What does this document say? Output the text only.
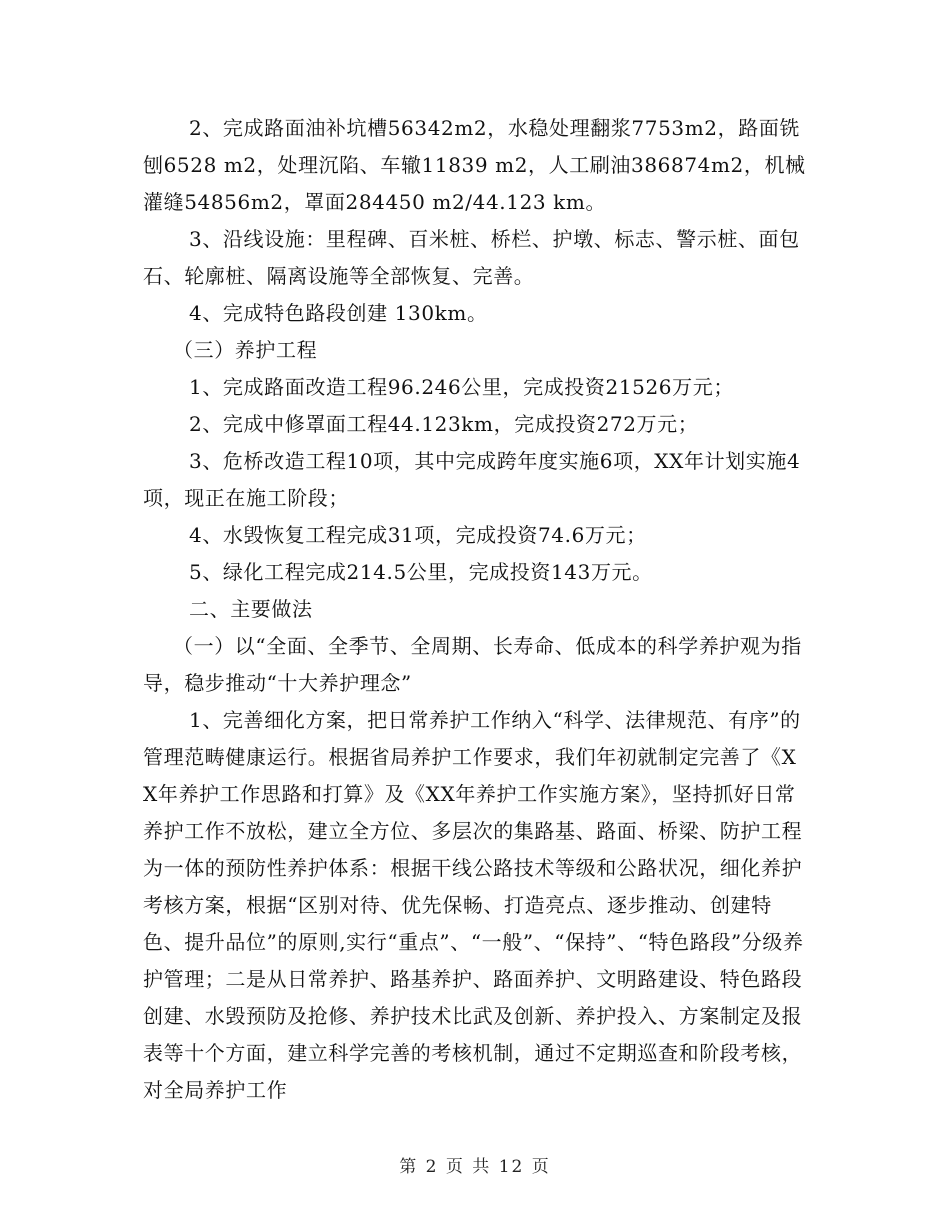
2、完成路面油补坑槽56342m2，水稳处理翻浆7753m2，路面铣刨6528 m2，处理沉陷、车辙11839 m2，人工刷油386874m2，机械灌缝54856m2，罩面284450 m2/44.123 km。

3、沿线设施：里程碑、百米桩、桥栏、护墩、标志、警示桩、面包石、轮廓桩、隔离设施等全部恢复、完善。

4、完成特色路段创建 130km。

（三）养护工程

1、完成路面改造工程96.246公里，完成投资21526万元；

2、完成中修罩面工程44.123km，完成投资272万元；

3、危桥改造工程10项，其中完成跨年度实施6项，XX年计划实施4项，现正在施工阶段；

4、水毁恢复工程完成31项，完成投资74.6万元；

5、绿化工程完成214.5公里，完成投资143万元。

二、主要做法

（一）以“全面、全季节、全周期、长寿命、低成本的科学养护观为指导，稳步推动“十大养护理念”

1、完善细化方案，把日常养护工作纳入“科学、法律规范、有序”的管理范畴健康运行。根据省局养护工作要求，我们年初就制定完善了《XX年养护工作思路和打算》及《XX年养护工作实施方案》，坚持抓好日常养护工作不放松，建立全方位、多层次的集路基、路面、桥梁、防护工程为一体的预防性养护体系：根据干线公路技术等级和公路状况，细化养护考核方案，根据“区别对待、优先保畅、打造亮点、逐步推动、创建特色、提升品位”的原则,实行“重点”、“一般”、“保持”、“特色路段”分级养护管理；二是从日常养护、路基养护、路面养护、文明路建设、特色路段创建、水毁预防及抢修、养护技术比武及创新、养护投入、方案制定及报表等十个方面，建立科学完善的考核机制，通过不定期巡查和阶段考核，对全局养护工作

第 2 页 共 12 页
